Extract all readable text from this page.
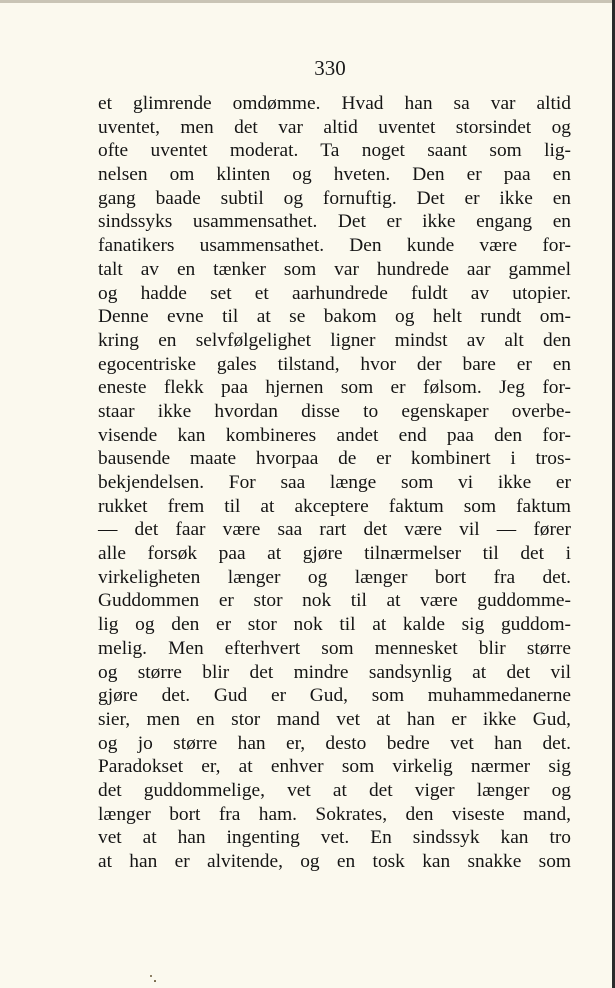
330
et glimrende omdømme. Hvad han sa var altid
uventet, men det var altid uventet storsindet og
ofte uventet moderat. Ta noget saant som lig-
nelsen om klinten og hveten. Den er paa en
gang baade subtil og fornuftig. Det er ikke en
sindssyks usammensathet. Det er ikke engang en
fanatikers usammensathet. Den kunde være for-
talt av en tænker som var hundrede aar gammel
og hadde set et aarhundrede fuldt av utopier.
Denne evne til at se bakom og helt rundt om-
kring en selvfølgelighet ligner mindst av alt den
egocentriske gales tilstand, hvor der bare er en
eneste flekk paa hjernen som er følsom. Jeg for-
staar ikke hvordan disse to egenskaper overbe-
visende kan kombineres andet end paa den for-
bausende maate hvorpaa de er kombinert i tros-
bekjendelsen. For saa længe som vi ikke er
rukket frem til at akceptere faktum som faktum
— det faar være saa rart det være vil — fører
alle forsøk paa at gjøre tilnærmelser til det i
virkeligheten længer og længer bort fra det.
Guddommen er stor nok til at være guddomme-
lig og den er stor nok til at kalde sig guddom-
melig. Men efterhvert som mennesket blir større
og større blir det mindre sandsynlig at det vil
gjøre det. Gud er Gud, som muhammedanerne
sier, men en stor mand vet at han er ikke Gud,
og jo større han er, desto bedre vet han det.
Paradokset er, at enhver som virkelig nærmer sig
det guddommelige, vet at det viger længer og
længer bort fra ham. Sokrates, den viseste mand,
vet at han ingenting vet. En sindssyk kan tro
at han er alvitende, og en tosk kan snakke som
